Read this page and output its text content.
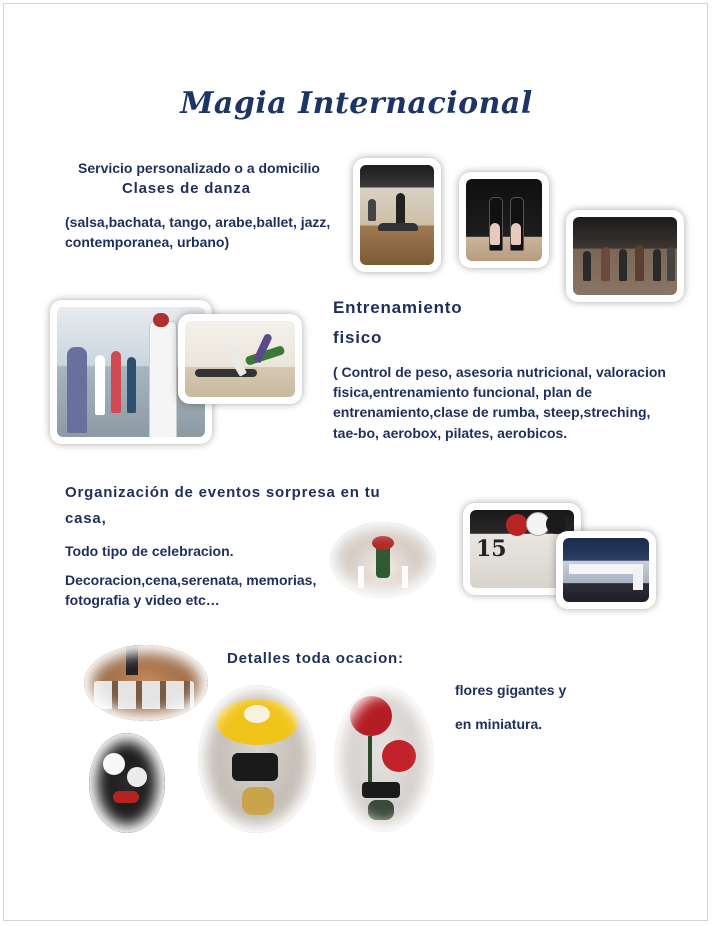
Magia Internacional
Servicio personalizado o a domicilio
Clases de danza
(salsa,bachata, tango, arabe,ballet, jazz,
contemporanea, urbano)
Entrenamiento
fisico
( Control de peso, asesoria nutricional, valoracion
fisica,entrenamiento funcional, plan de
entrenamiento,clase de rumba, steep,streching,
tae-bo, aerobox, pilates, aerobicos.
Organización de eventos sorpresa en tu
casa,
Todo tipo de celebracion.
Decoracion,cena,serenata, memorias,
fotografia y video etc…
15
Detalles toda ocacion:
flores gigantes y
en miniatura.
